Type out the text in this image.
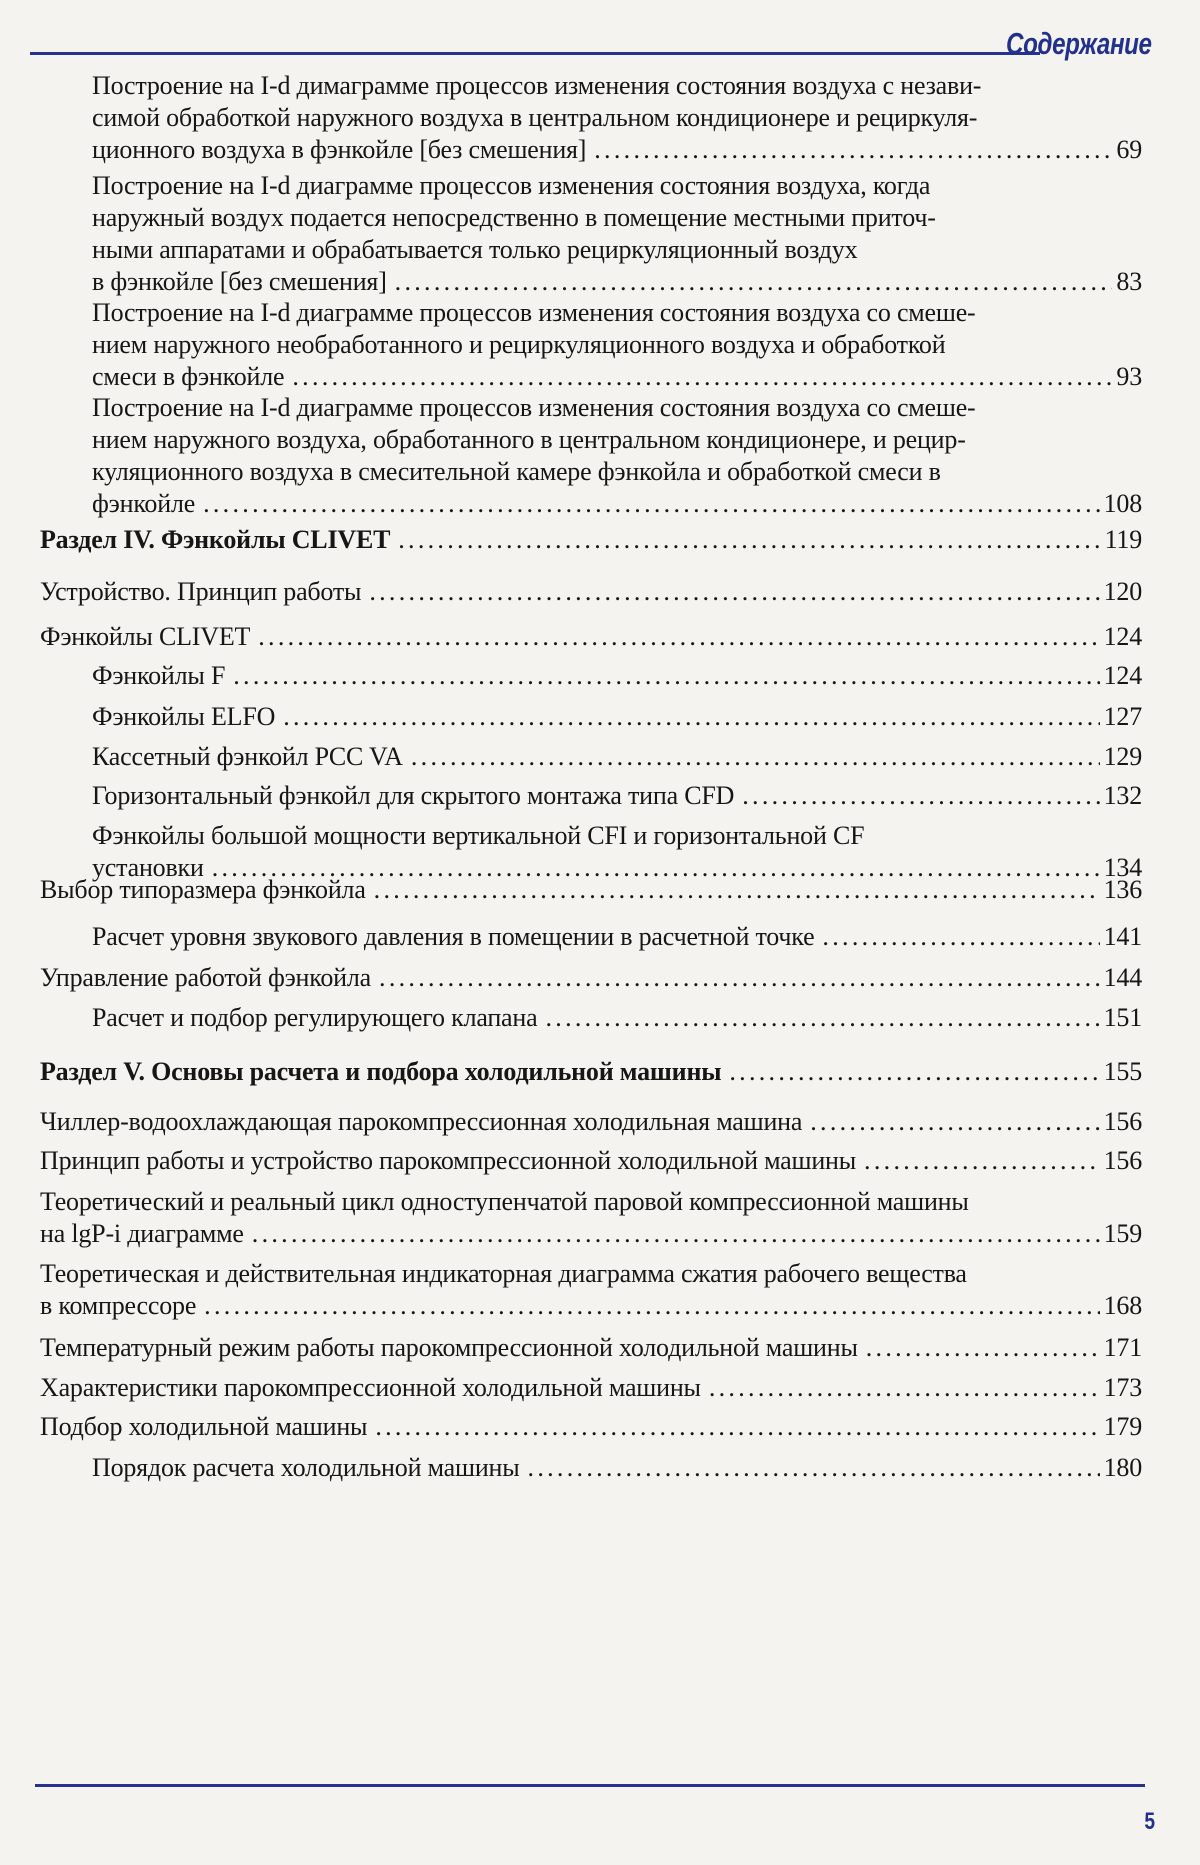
Содержание
Построение на I-d димаграмме процессов изменения состояния воздуха с незави-
симой обработкой наружного воздуха в центральном кондиционере и рециркуля-
ционного воздуха в фэнкойле [без смешения] . . .	69
Построение на I-d диаграмме процессов изменения состояния воздуха, когда
наружный воздух подается непосредственно в помещение местными приточ-
ными аппаратами и обрабатывается только рециркуляционный воздух
в фэнкойле [без смешения] . . .	83
Построение на I-d диаграмме процессов изменения состояния воздуха со смеше-
нием наружного необработанного и рециркуляционного воздуха и обработкой
смеси в фэнкойле . . .	93
Построение на I-d диаграмме процессов изменения состояния воздуха со смеше-
нием наружного воздуха, обработанного в центральном кондиционере, и рецир-
куляционного воздуха в смесительной камере фэнкойла и обработкой смеси в
фэнкойле . . .	108
Раздел IV. Фэнкойлы CLIVET . . .	119
Устройство. Принцип работы . . .	120
Фэнкойлы CLIVET . . .	124
Фэнкойлы F . . .	124
Фэнкойлы ELFO . . .	127
Кассетный фэнкойл PCC VA . . .	129
Горизонтальный фэнкойл для скрытого монтажа типа CFD . . .	132
Фэнкойлы большой мощности вертикальной CFI и горизонтальной CF
установки . . .	134
Выбор типоразмера фэнкойла . . .	136
Расчет уровня звукового давления в помещении в расчетной точке . . .	141
Управление работой фэнкойла . . .	144
Расчет и подбор регулирующего клапана . . .	151
Раздел V. Основы расчета и подбора холодильной машины . . .	155
Чиллер-водоохлаждающая парокомпрессионная холодильная машина . . .	156
Принцип работы и устройство парокомпрессионной холодильной машины . . .	156
Теоретический и реальный цикл одноступенчатой паровой компрессионной машины
на lgP-i диаграмме . . .	159
Теоретическая и действительная индикаторная диаграмма сжатия рабочего вещества
в компрессоре . . .	168
Температурный режим работы парокомпрессионной холодильной машины . . .	171
Характеристики парокомпрессионной холодильной машины . . .	173
Подбор холодильной машины . . .	179
Порядок расчета холодильной машины . . .	180
5
